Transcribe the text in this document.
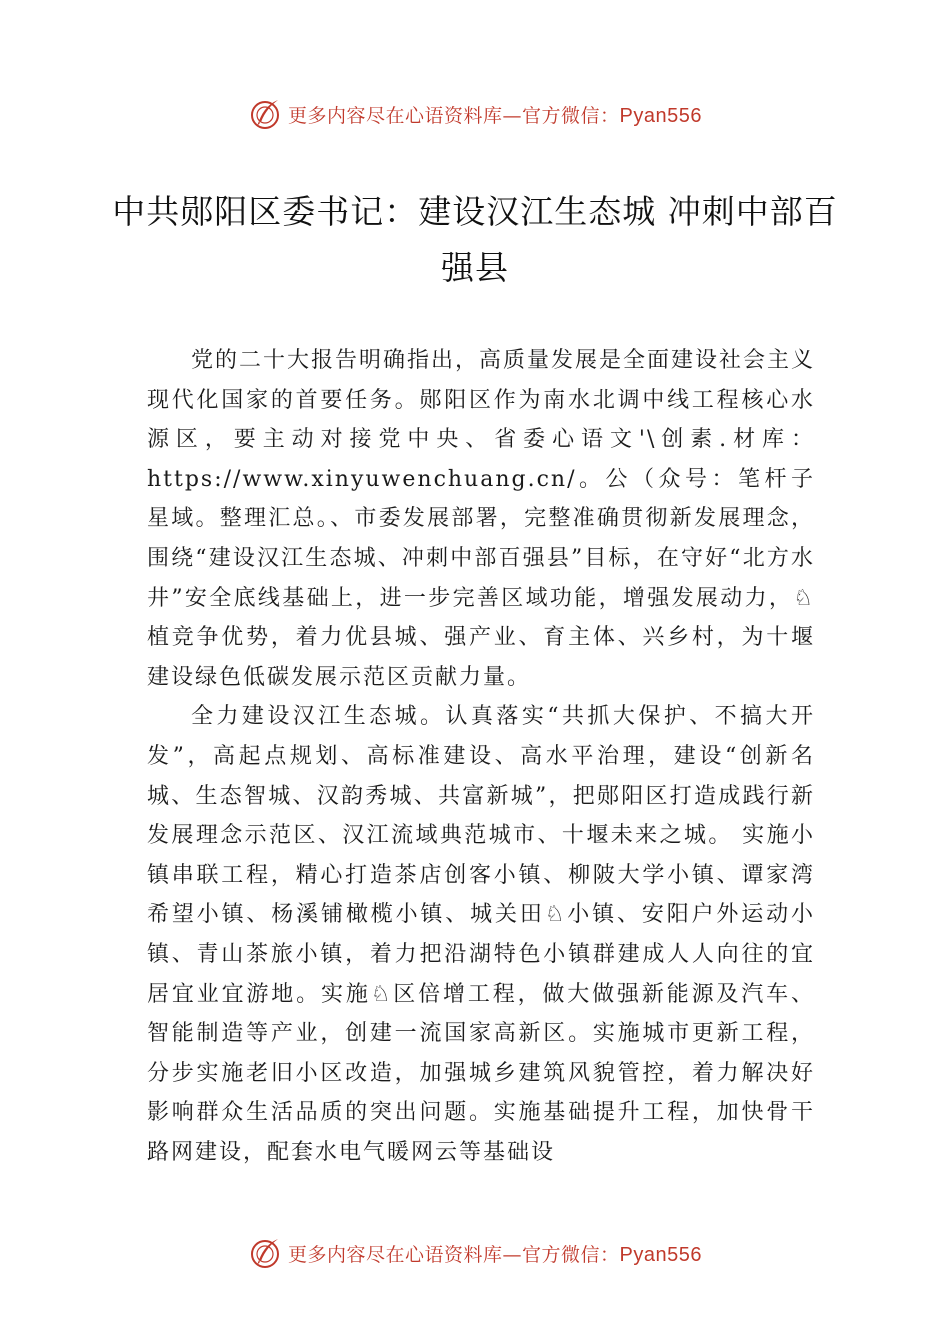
更多内容尽在心语资料库—官方微信：Pyan556
中共郧阳区委书记：建设汉江生态城 冲刺中部百强县

党的二十大报告明确指出，高质量发展是全面建设社会主义现代化国家的首要任务。郧阳区作为南水北调中线工程核心水源区，要主动对接党中央、省委心语文'\创素.材库：https://www.xinyuwenchuang.cn/。公（众号：笔杆子星域。整理汇总。、市委发展部署，完整准确贯彻新发展理念，围绕“建设汉江生态城、冲刺中部百强县”目标，在守好“北方水井”安全底线基础上，进一步完善区域功能，增强发展动力，♘植竞争优势，着力优县城、强产业、育主体、兴乡村，为十堰建设绿色低碳发展示范区贡献力量。

全力建设汉江生态城。认真落实“共抓大保护、不搞大开发”，高起点规划、高标准建设、高水平治理，建设“创新名城、生态智城、汉韵秀城、共富新城”，把郧阳区打造成践行新发展理念示范区、汉江流域典范城市、十堰未来之城。 实施小镇串联工程，精心打造茶店创客小镇、柳陂大学小镇、谭家湾希望小镇、杨溪铺橄榄小镇、城关田♘小镇、安阳户外运动小镇、青山茶旅小镇，着力把沿湖特色小镇群建成人人向往的宜居宜业宜游地。实施♘区倍增工程，做大做强新能源及汽车、智能制造等产业，创建一流国家高新区。实施城市更新工程，分步实施老旧小区改造，加强城乡建筑风貌管控，着力解决好影响群众生活品质的突出问题。实施基础提升工程，加快骨干路网建设，配套水电气暖网云等基础设

更多内容尽在心语资料库—官方微信：Pyan556
